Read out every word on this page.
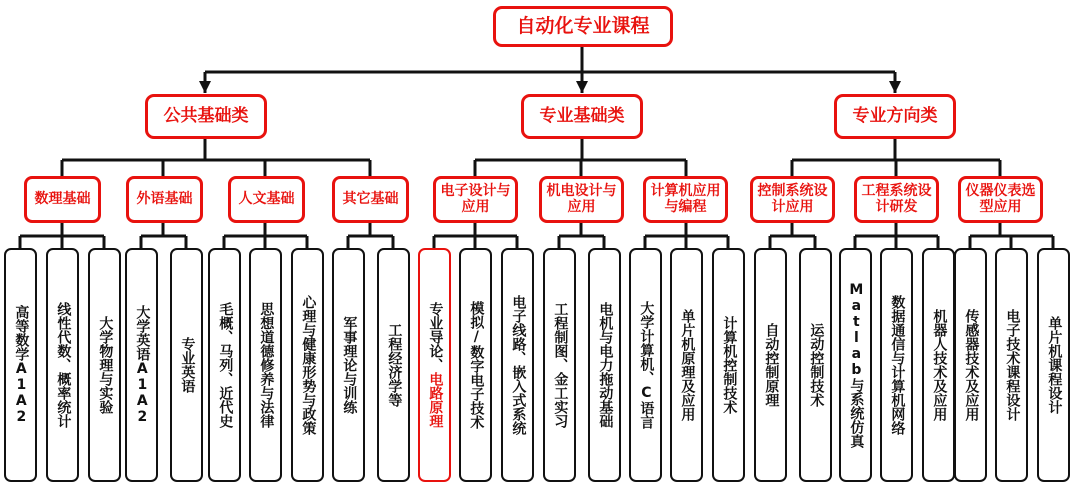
自动化专业课程
公共基础类	专业基础类	专业方向类
数理基础	外语基础	人文基础	其它基础	电子设计与应用
机电设计与应用
计算机应用与编程
控制系统设计应用
工程系统设计研发
仪器仪表选型应用
高等数学A1A2	线性代数、概率统计	大学物理与实验	大学英语A1A2	专业英语	毛概、马列、近代史	思想道德修养与法律	心理与健康形势与政策	军事理论与训练	工程经济学等	专业导论、电路原理	模拟/数字电子技术	电子线路、嵌入式系统	工程制图、金工实习	电机与电力拖动基础	大学计算机、C语言	单片机原理及应用	计算机控制技术	自动控制原理	运动控制技术	Matlab与系统仿真	数据通信与计算机网络	机器人技术及应用	传感器技术及应用	电子技术课程设计	单片机课程设计
